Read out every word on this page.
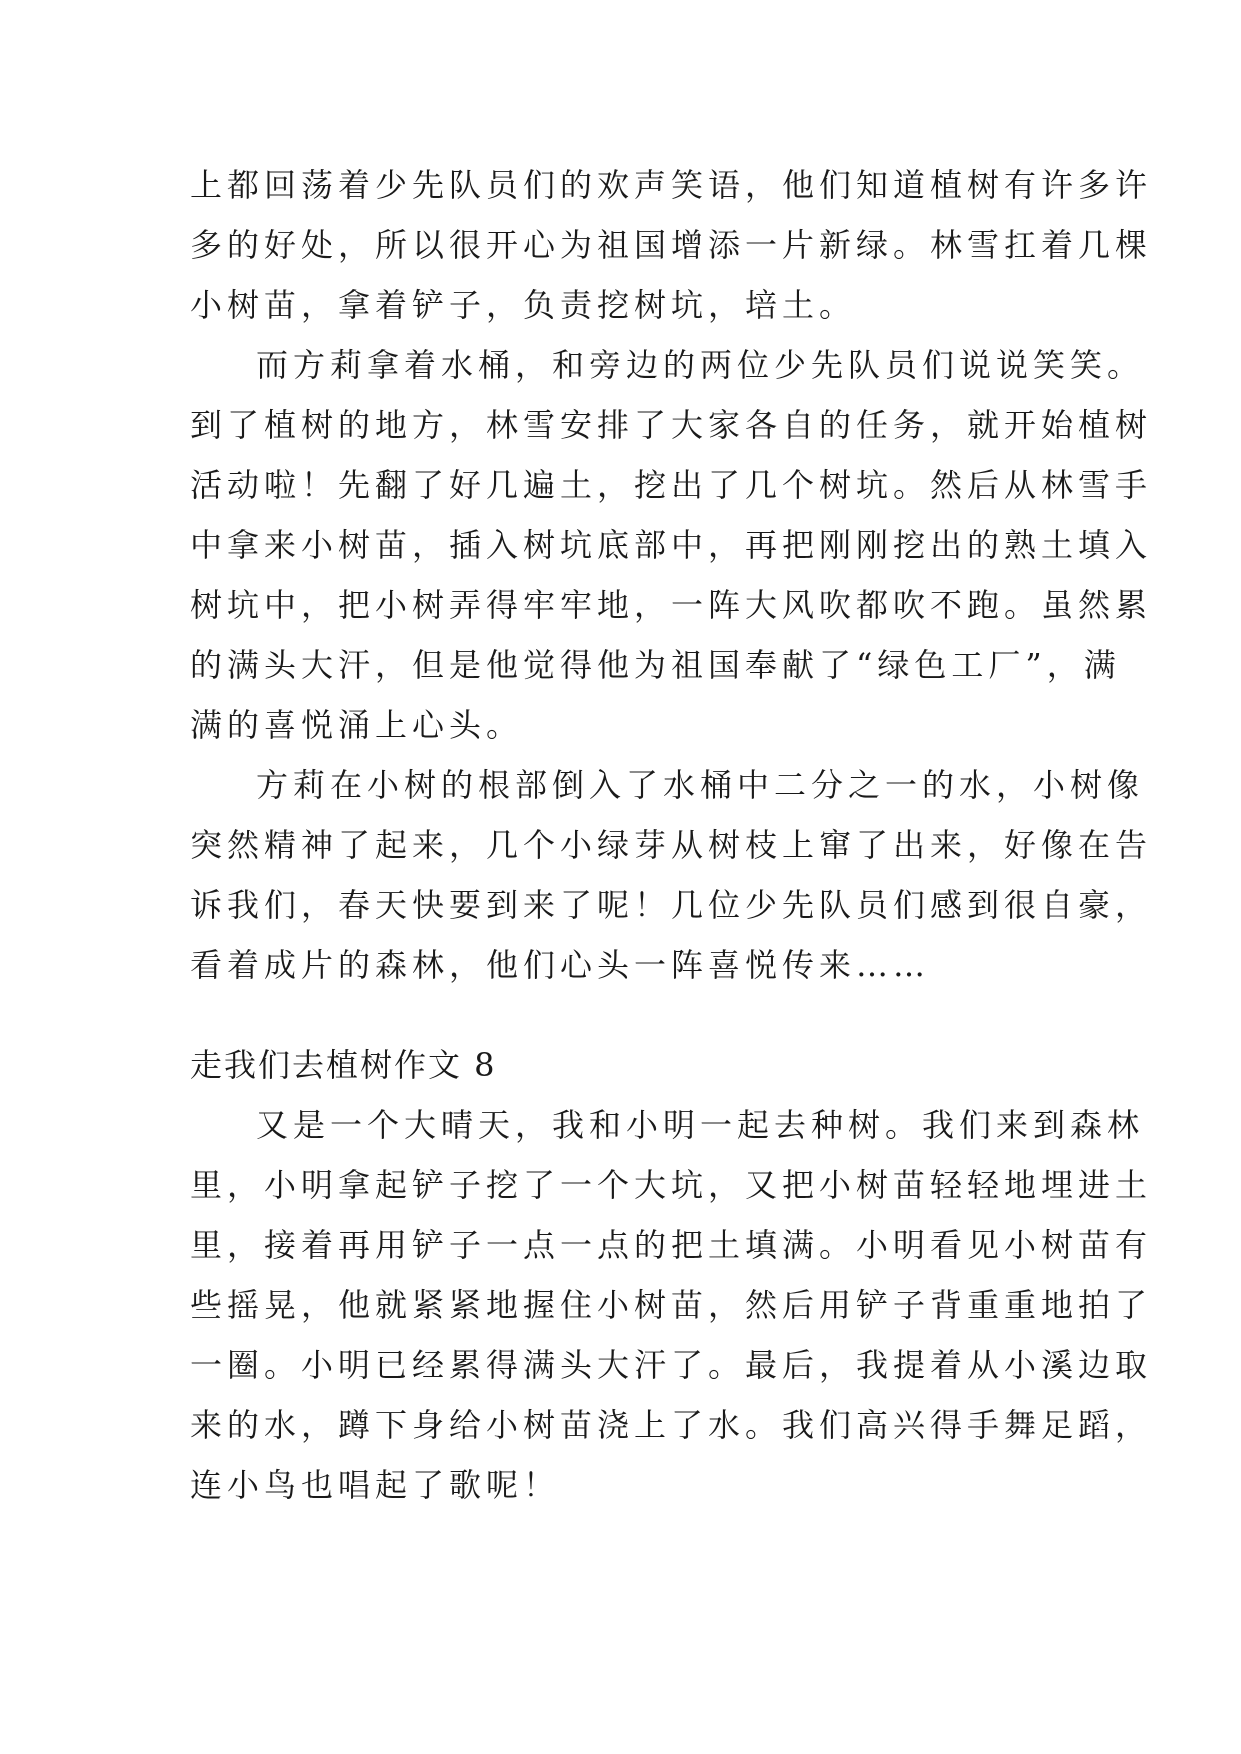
上都回荡着少先队员们的欢声笑语，他们知道植树有许多许
多的好处，所以很开心为祖国增添一片新绿。林雪扛着几棵
小树苗，拿着铲子，负责挖树坑，培土。
而方莉拿着水桶，和旁边的两位少先队员们说说笑笑。
到了植树的地方，林雪安排了大家各自的任务，就开始植树
活动啦！先翻了好几遍土，挖出了几个树坑。然后从林雪手
中拿来小树苗，插入树坑底部中，再把刚刚挖出的熟土填入
树坑中，把小树弄得牢牢地，一阵大风吹都吹不跑。虽然累
的满头大汗，但是他觉得他为祖国奉献了“绿色工厂”，满
满的喜悦涌上心头。
方莉在小树的根部倒入了水桶中二分之一的水，小树像
突然精神了起来，几个小绿芽从树枝上窜了出来，好像在告
诉我们，春天快要到来了呢！几位少先队员们感到很自豪，
看着成片的森林，他们心头一阵喜悦传来……
走我们去植树作文 8
又是一个大晴天，我和小明一起去种树。我们来到森林
里，小明拿起铲子挖了一个大坑，又把小树苗轻轻地埋进土
里，接着再用铲子一点一点的把土填满。小明看见小树苗有
些摇晃，他就紧紧地握住小树苗，然后用铲子背重重地拍了
一圈。小明已经累得满头大汗了。最后，我提着从小溪边取
来的水，蹲下身给小树苗浇上了水。我们高兴得手舞足蹈，
连小鸟也唱起了歌呢！
